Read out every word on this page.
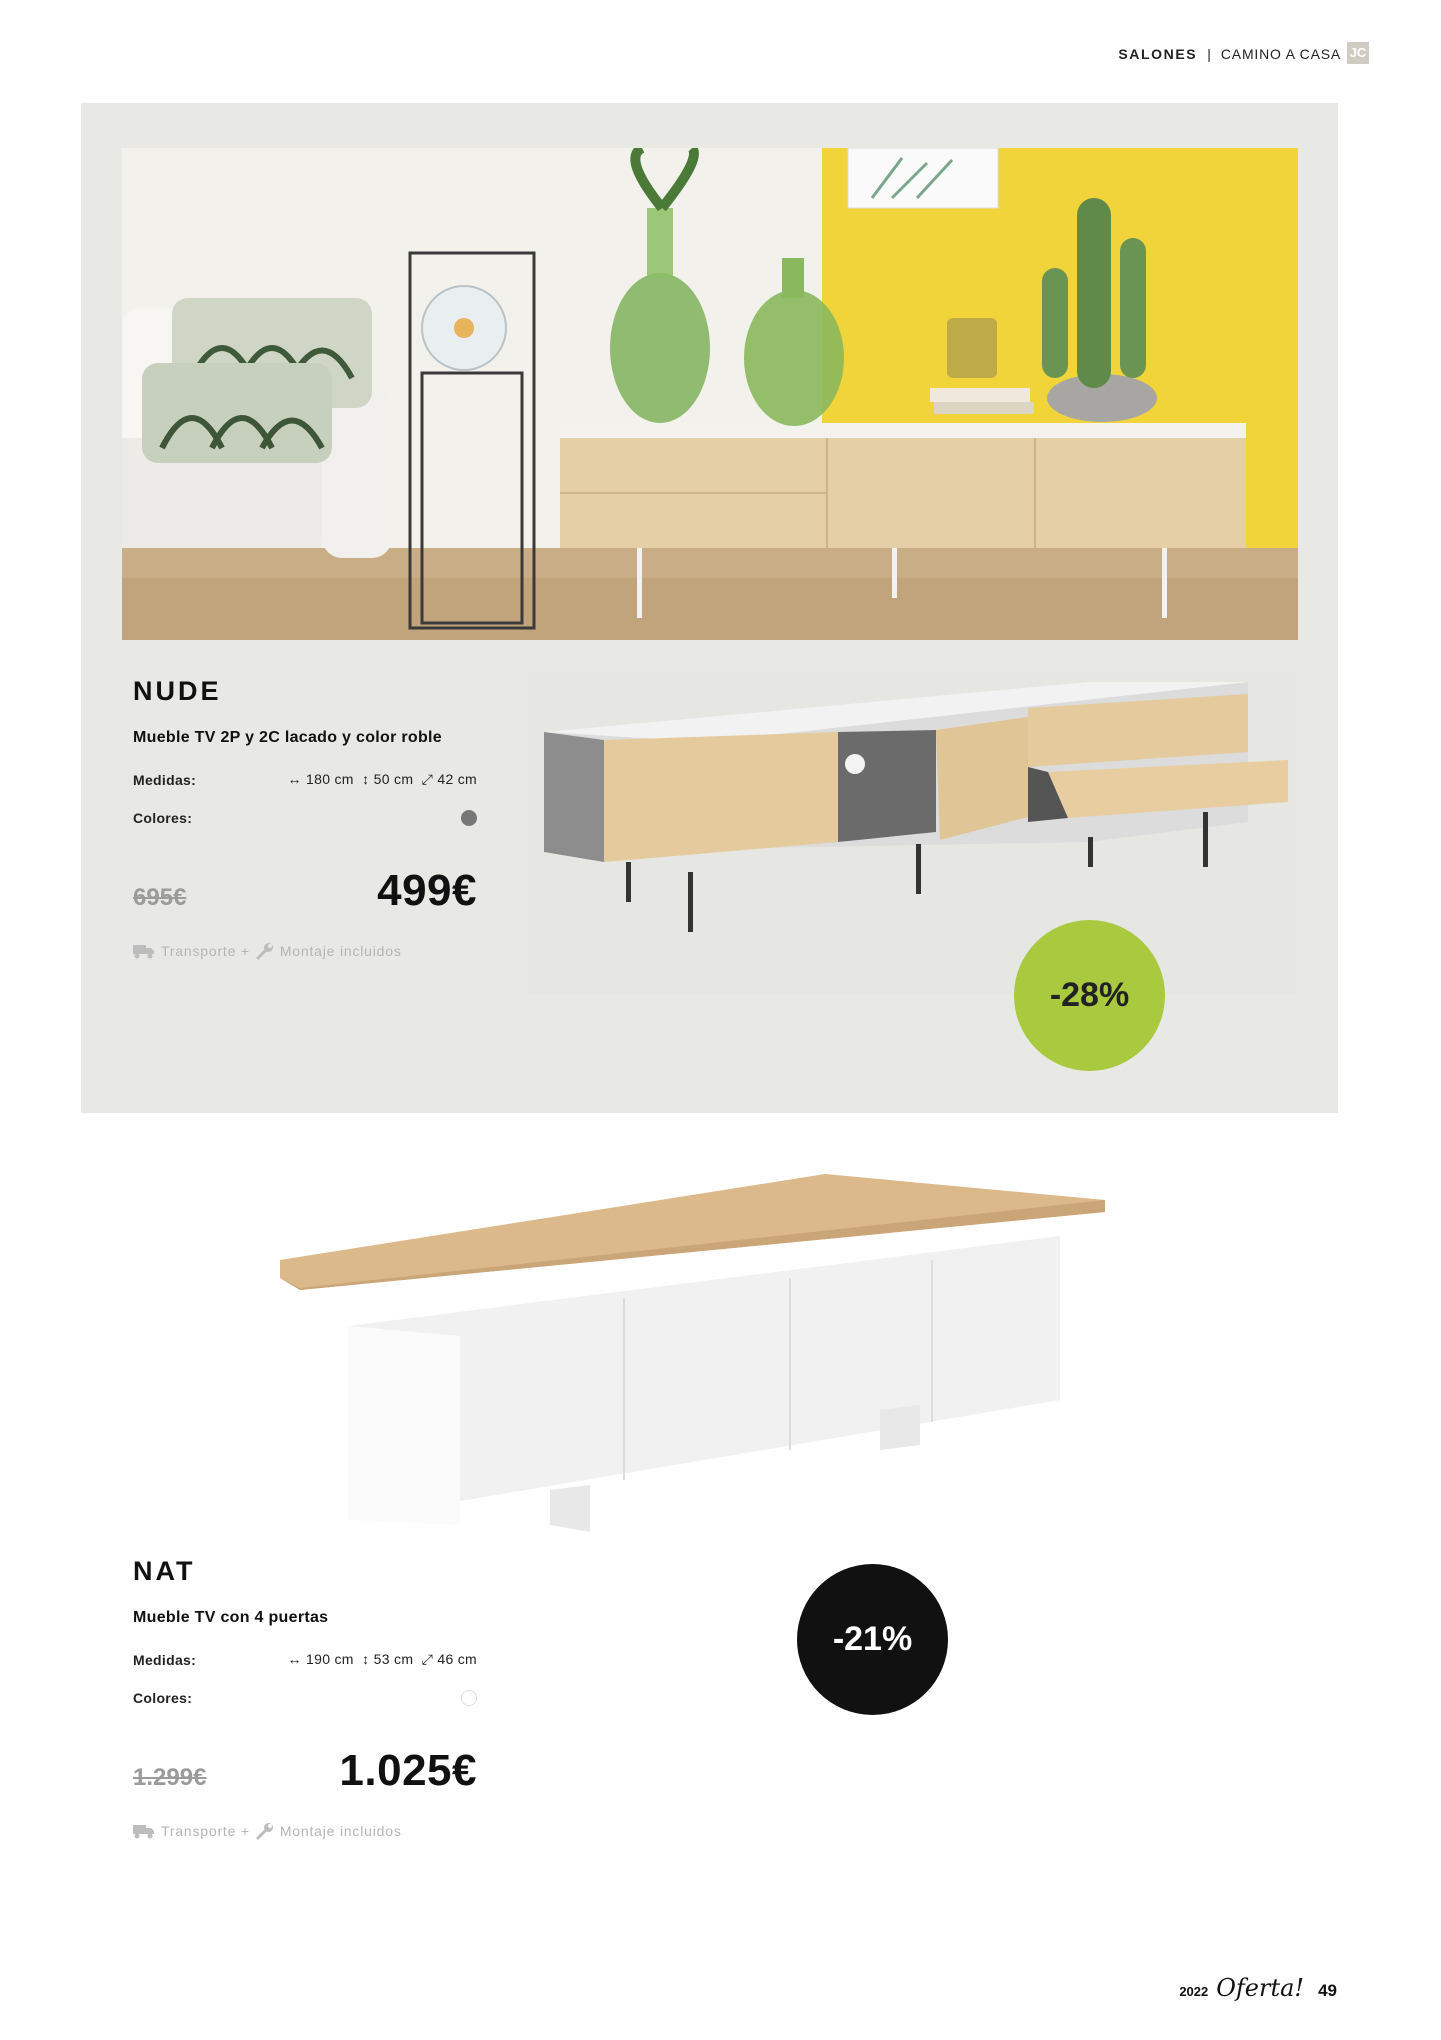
SALONES | CAMINO A CASA JC
NUDE
Mueble TV 2P y 2C lacado y color roble
Medidas:	↔ 180 cm ↕ 50 cm ⤢ 42 cm
Colores:
695€	499€
Transporte + Montaje incluidos
-28%
NAT
Mueble TV con 4 puertas
Medidas:	↔ 190 cm ↕ 53 cm ⤢ 46 cm
Colores:
1.299€	1.025€
Transporte + Montaje incluidos
-21%
2022 Oferta! 49
